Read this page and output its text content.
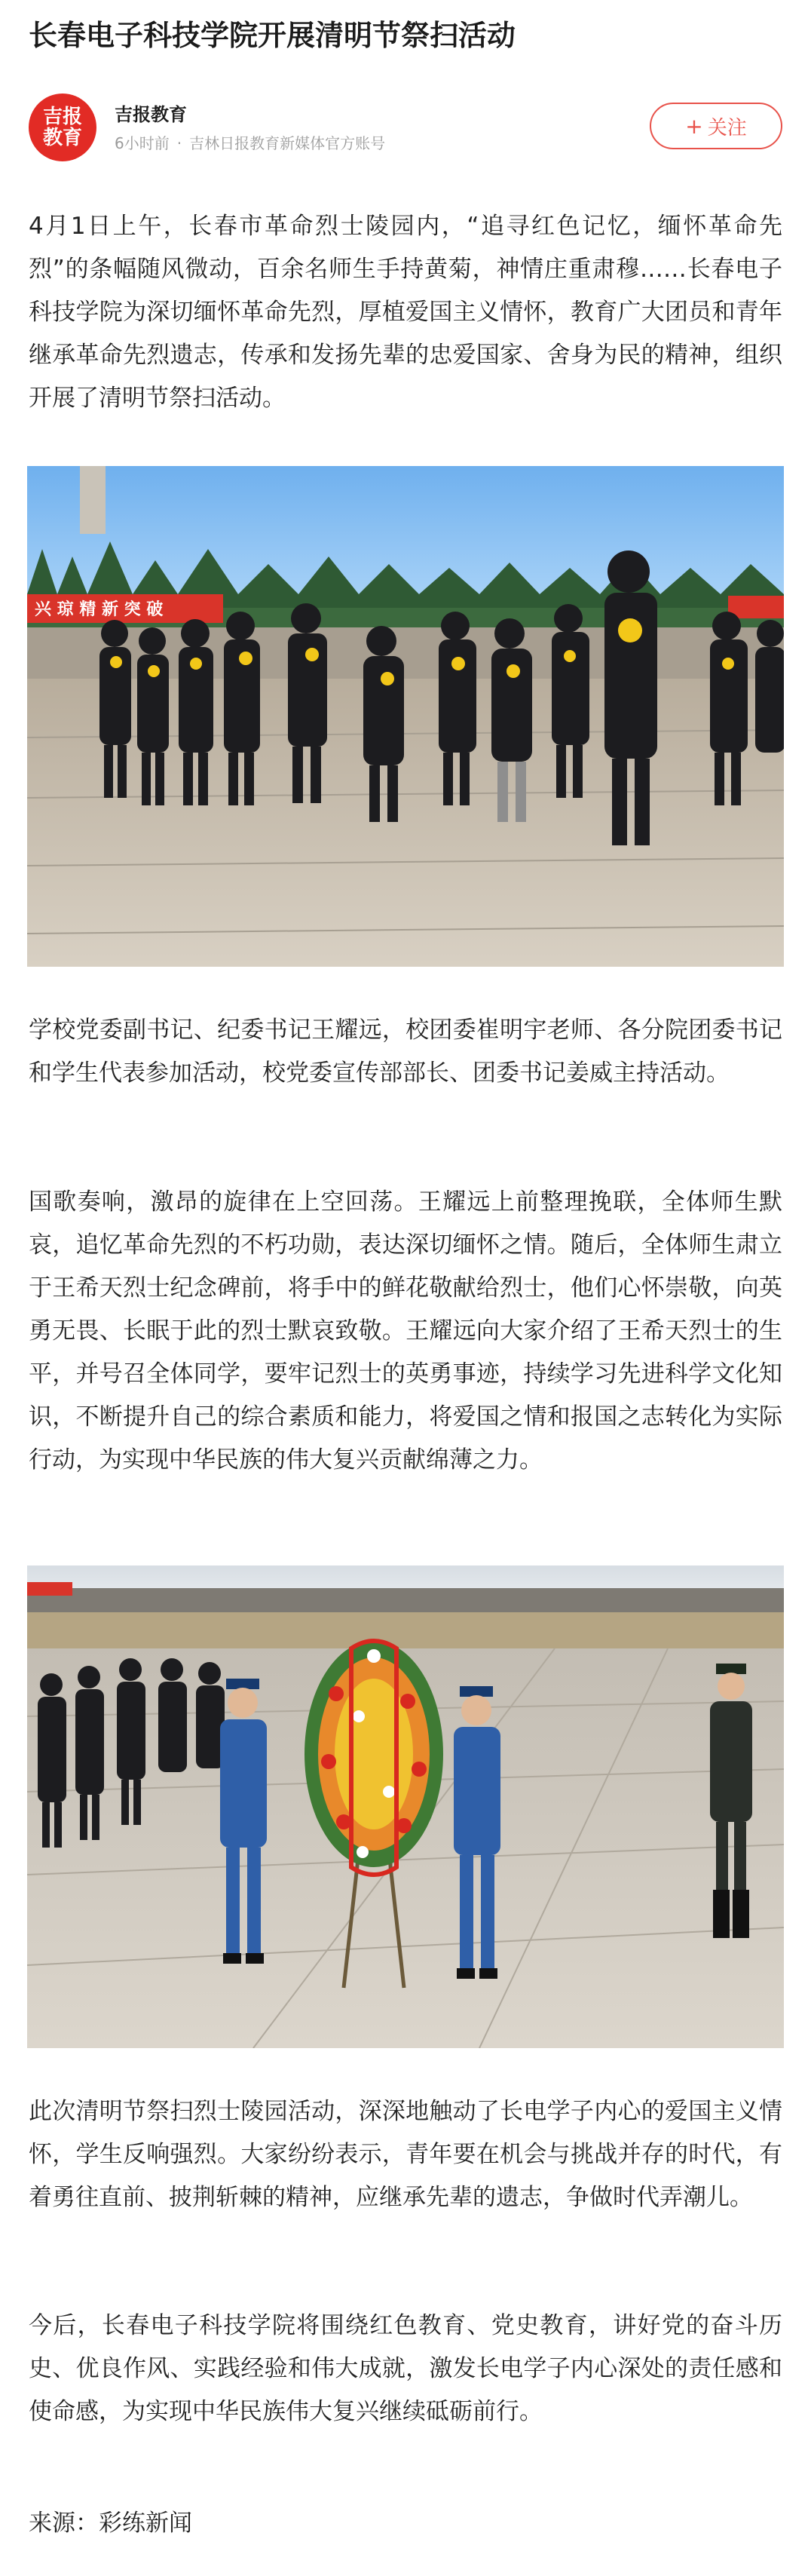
长春电子科技学院开展清明节祭扫活动
吉报教育
吉报教育
6小时前 · 吉林日报教育新媒体官方账号
+ 关注

4月1日上午，长春市革命烈士陵园内，“追寻红色记忆，缅怀革命先烈”的条幅随风微动，百余名师生手持黄菊，神情庄重肃穆……长春电子科技学院为深切缅怀革命先烈，厚植爱国主义情怀，教育广大团员和青年继承革命先烈遗志，传承和发扬先辈的忠爱国家、舍身为民的精神，组织开展了清明节祭扫活动。

兴 琼 精 新 突 破

学校党委副书记、纪委书记王耀远，校团委崔明宇老师、各分院团委书记和学生代表参加活动，校党委宣传部部长、团委书记姜威主持活动。

国歌奏响，激昂的旋律在上空回荡。王耀远上前整理挽联，全体师生默哀，追忆革命先烈的不朽功勋，表达深切缅怀之情。随后，全体师生肃立于王希天烈士纪念碑前，将手中的鲜花敬献给烈士，他们心怀崇敬，向英勇无畏、长眠于此的烈士默哀致敬。王耀远向大家介绍了王希天烈士的生平，并号召全体同学，要牢记烈士的英勇事迹，持续学习先进科学文化知识，不断提升自己的综合素质和能力，将爱国之情和报国之志转化为实际行动，为实现中华民族的伟大复兴贡献绵薄之力。

此次清明节祭扫烈士陵园活动，深深地触动了长电学子内心的爱国主义情怀，学生反响强烈。大家纷纷表示，青年要在机会与挑战并存的时代，有着勇往直前、披荆斩棘的精神，应继承先辈的遗志，争做时代弄潮儿。

今后，长春电子科技学院将围绕红色教育、党史教育，讲好党的奋斗历史、优良作风、实践经验和伟大成就，激发长电学子内心深处的责任感和使命感，为实现中华民族伟大复兴继续砥砺前行。

来源：彩练新闻
